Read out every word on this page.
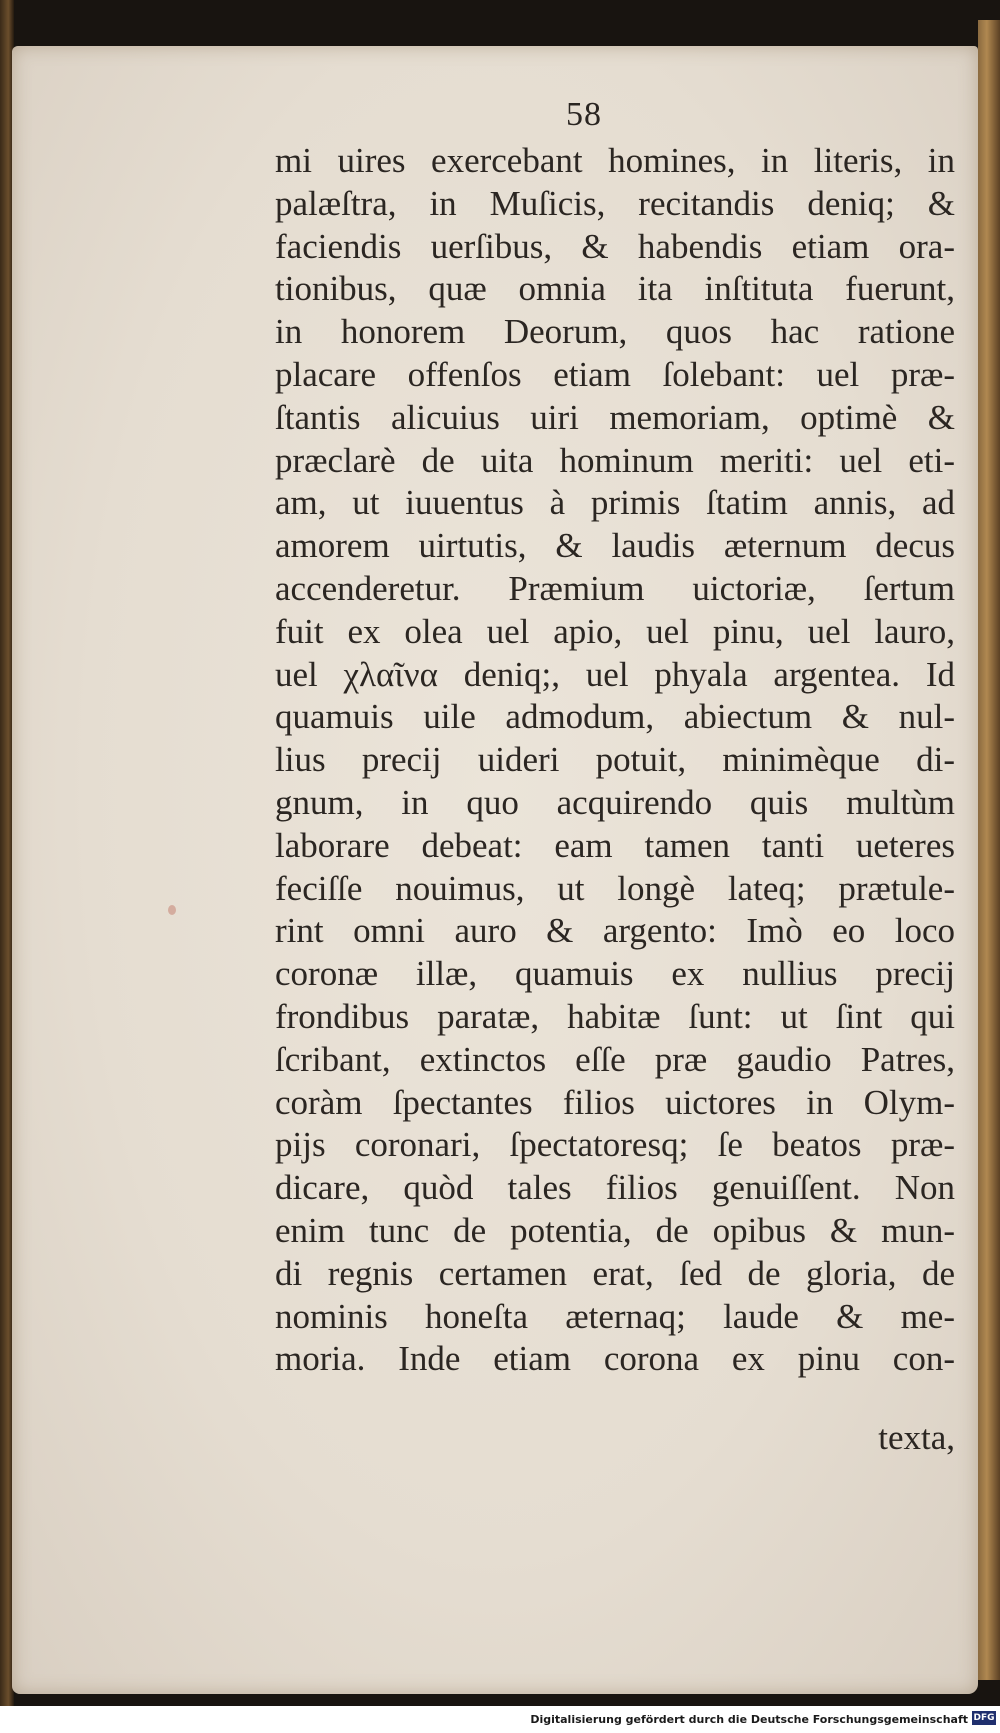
58
mi uires exercebant homines, in literis, in
palæſtra, in Muſicis, recitandis deniq; &
faciendis uerſibus, & habendis etiam ora-
tionibus, quæ omnia ita inſtituta fuerunt,
in honorem Deorum, quos hac ratione
placare offenſos etiam ſolebant: uel præ-
ſtantis alicuius uiri memoriam, optimè &
præclarè de uita hominum meriti: uel eti-
am, ut iuuentus à primis ſtatim annis, ad
amorem uirtutis, & laudis æternum decus
accenderetur. Præmium uictoriæ, ſertum
fuit ex olea uel apio, uel pinu, uel lauro,
uel χλαῖνα deniq;, uel phyala argentea. Id
quamuis uile admodum, abiectum & nul-
lius precij uideri potuit, minimèque di-
gnum, in quo acquirendo quis multùm
laborare debeat: eam tamen tanti ueteres
feciſſe nouimus, ut longè lateq; prætule-
rint omni auro & argento: Imò eo loco
coronæ illæ, quamuis ex nullius precij
frondibus paratæ, habitæ ſunt: ut ſint qui
ſcribant, extinctos eſſe præ gaudio Patres,
coràm ſpectantes filios uictores in Olym-
pijs coronari, ſpectatoresq; ſe beatos præ-
dicare, quòd tales filios genuiſſent. Non
enim tunc de potentia, de opibus & mun-
di regnis certamen erat, ſed de gloria, de
nominis honeſta æternaq; laude & me-
moria. Inde etiam corona ex pinu con-
texta,
Digitalisierung gefördert durch die Deutsche Forschungsgemeinschaft DFG
